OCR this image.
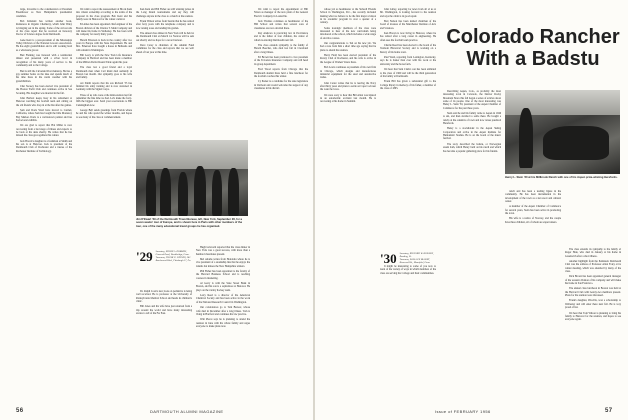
large, favorable to the consideration of President Eisenhower as New Hampshire's presidential candidate.

Bob Kirkland has written another book, Romances in Organic Chemistry, which John Wiley is bringing out in the spring. Some of the old records of the class report that he received an honorary Doctor of Science degree from Dartmouth.

Gene Kent is a past-president of the Mississippi Valley Division of the National Grocers Association. He has eight grandchildren and is still working hard as a wholesale grocer.

Bud Fleming was honored with a testimonial dinner and presented with a silver bowl in recognition of his many years of service to his community and to the College.

Bud is still the Cleveland Post mainstay. He has a gay summer home on the lake and spends much of his time there in the warm weather with his grandchildren.

Chet Swasey has been elected vice president of the Boston Yacht Club and continues active in Sea Scouting. His daughter was married in the fall.

John Herbert keeps busy in his retirement at Hanover watching the football team and calling on the old friends who drop in at the Inn after the games.

Sam and Doris Ward have moved to Carmel, California, where Sam has bought the little Monterey Bay Market. Doris is a well-known painter and has had several exhibits.

We are glad to report that Hal Miller is now recovering from a bad siege of illness and expects to be back at his desk shortly. He writes that he has missed the class get-togethers this winter.

Jack Brown's daughter is a freshman at Smith and his son is at Hanover. Jack is president of the Dartmouth Club of Rochester and a trustee of the Rochester Institute of Technology.

We wish to report the reassessment of Brock Kent into citizen ownership according to the terms of the proposal in the class program. Bob Kent and his family were in Hanover for the winter carnival.

Ed Ames has been appointed chief engineer of the Boston division of the Charles T. Main Company and will make his home in Wellesley. He has been with the company for nearly thirty years.

Harold Emerson is back in the country after two years in Europe with the State Department. He and Mrs. Emerson have bought a house in Bethesda and will remain in Washington.

Bill Leary is with the New York Life Insurance Company in Hartford and has been made a member of the Million Dollar Round Table again this year.

The class lost a good friend and a loyal Dartmouth man when Carl Rand died suddenly in Boston last month. Our sympathy goes to his wife and family.

Art Smith reports that his son Richard '55 has finished his army training and is now stationed in Germany with the Signal Corps.

Those of us who were at the mini-reunion last fall remember the fine time we had. Let's make the forty-fifth the biggest ever. Send your reservations to Bill Cunningham now.

George Bell sends greetings from Florida where he and his wife spend the winter months, and hopes to see many of the class at commencement.

Ken Kent and Bill Fisher are still winning prizes in the Long Island tournaments and say they will challenge anyone in the class to a match at the reunion.

Frank Wilson writes from Seattle that he has retired after forty years with the telephone company and is now raising roses and tending his garden.

The annual class dinner in New York will be held at the Dartmouth Club on March 14. Notices will be sent out shortly and we hope for a record turnout.

Dave Carey is chairman of the Alumni Fund committee for the class and reports that we are well ahead of last year at this time.

Jim D'Ewart '29 of the Dartmouth Travel Bureau, left, New York, September 28, for a seven weeks' tour of Europe, and is shown here in Paris with other members of the tour, one of the many educational travel groups he has organized.
'29	Secretary, EDWIN A. ROBBINS, Concord Road, Woodbridge, Conn.
Treasurer, FRANK G. GEYSER, 342 Beechwood Blvd., Pittsburgh 17, Pa.

Dr. Ralph Cook's new book on pediatrics is being well received. He is professor at the University of Pennsylvania Medical School and heads its children's clinic.

Bill Jones and his wife have just returned from a trip around the world and have many interesting stories to tell of the Far East.

Hugh Griswold reported that the class dinner in New York was a great success, with more than a hundred classmates present.

Mel Adams writes from Honolulu where he is vice president of a steamship line that he enjoys the islands but misses the New Hampshire winters.

Phil Fisher has been appointed to the faculty of the Harvard Business School and is teaching courses in marketing.

Al Gerry is with the State Street Bank in Boston, and his son is a sophomore at Hanover. He plays on the varsity hockey team.

Larry Reed is a director of the American Chemical Society and has been active in the work of the National Research Council in Washington.

Our condolences go to Tom Brewer, whose wife died in December after a long illness. Tom is living in Hartford and continues his law practice.

Walt Pierce says he is planning to attend the reunion in June with his whole family and urges everyone to make plans now.

We wish to report the appointment of Bill Nixon as manager of the new plant of the General Electric Company in Louisville.

Jack Thomas continues as headmaster of the Hill School and writes that several sons of classmates are now enrolled there.

Ray Andrews is practicing law in Providence and is the father of four children, the oldest of whom is entering Dartmouth next fall.

The class extends sympathy to the family of Harold Beecher, who died last fall in Cleveland after a long illness.

Ed Brown has been promoted to vice president of the Travelers Insurance Company and will head its group department.

Fred Wood reports from Chicago that the Dartmouth alumni there held a fine luncheon for the football coaches this winter.

Cy Parker is a candidate for the state legislature in Vermont and would welcome the support of any classmates in his district.

56	DARTMOUTH ALUMNI MAGAZINE

whose job as headmaster at the Sidwell Friends School in Washington, D.C., has recently included making what we believe to be the first major revision in its academic program in over a quarter of a century.

Some nostalgic members of the class were interested to hear of the new curriculum being introduced at the school, which includes a wide range of elective courses.

Our congratulations to Ted on his new job. We had a note from him a short time ago saying that he plans to attend the reunion.

Harry Field has been elected president of the Rotary Club of Rochester, and his wife is active in the League of Women Voters there.

Bob Lewis continues as president of his own firm in Chicago, which designs and manufactures industrial equipment for the steel and automotive trades.

John Carter writes that he is leaving the Navy after thirty years and plans to settle on Cape Cod near the water he loves.

We were sorry to hear that Bill Allen was injured in an automobile accident last month. He is recovering at his home in Summit.

John Lalley, reporting for news from all of us at Mt. Washington, is looking forward to the reunion and says the cabin is in good repair.

Bert Nelson has been named chairman of the board of trustees of the Manchester Institute of Arts and Sciences.

Ken Brown is now living in Hanover, where he has retired after a long career in engineering. He often sees the football team practice.

Charlie Reed has been elected to the board of the Vermont Historical Society and is working on a history of his home town.

Paul Ward, reporting from Lexington, Kentucky, says he is busier than ever with his work at the university and the horse farm.

We hear that Sam Clark's son has been admitted to the class of 1960 and will be the third generation of his family at Dartmouth.

Frank Hill has given a substantial gift to the College library in memory of his father, a member of the class of 1895.

'30	Secretary, RICHARD W. BOWLEN, Reading, Vt.
Treasurer, WALLACE BLAKEY, Kenwood Rd., Mansfield, Conn.

It might be interesting to some of you now to learn of the variety of ways in which members of the class are serving the College and their communities.

Colorado Rancher
With a Badstu

Describing Aspen, Colo., as probably the most interesting town in Colorado, the Denver Rocky Mountain News this fall began a series of articles about some of its people. One of the most interesting was Henry L. Stein '30, president of the Aspen Chamber of Commerce for the past three years.

Stein said he and his family came to Aspen in 1946 to ski, and then decided to settle there. He bought a ranch on the outskirts of town and now raises purebred Herefords.

Henry is a stockholder in the Aspen Skiing Corporation and active in the Aspen Institute for Humanistic Studies. He is on the board of the music festival.

The story described the badstu, or Norwegian steam bath, which Henry built on his ranch and which has become a popular gathering place for his friends.

Henry L. Stein '30 at his Millbrook Ranch with one of his Aspen prize-winning Herefords.

ranch and has been a leading figure in the community. He has been instrumental in the development of the town as a ski resort and cultural center.

A member of the Aspen Chamber of Commerce for several years, Stein has been active in promoting the town.

His wife is a native of Norway, and the couple have three children, all of whom are expert skiers.

The class extends its sympathy to the family of Roger Hale, who died in January at his home in Greenwich after a short illness.

Another highlight from the Peninsula Dartmouth Club was the address of Professor Allen Foley at its winter meeting, which was attended by many of the class.

Dick Brown has been appointed general manager of the western division of his company and will make his home in San Francisco.

The annual class luncheon in Boston was held at the Harvard Club with twenty-two members present. Plans for the reunion were discussed.

Frank's daughter, Priscilla, won a scholarship to Wellesley and will enter there next fall. He is very proud of her.

We hear that Tom Wilson is planning to bring his family to Hanover for the reunion, and hopes to see everyone again.

Issue of FEBRUARY 1956	57
